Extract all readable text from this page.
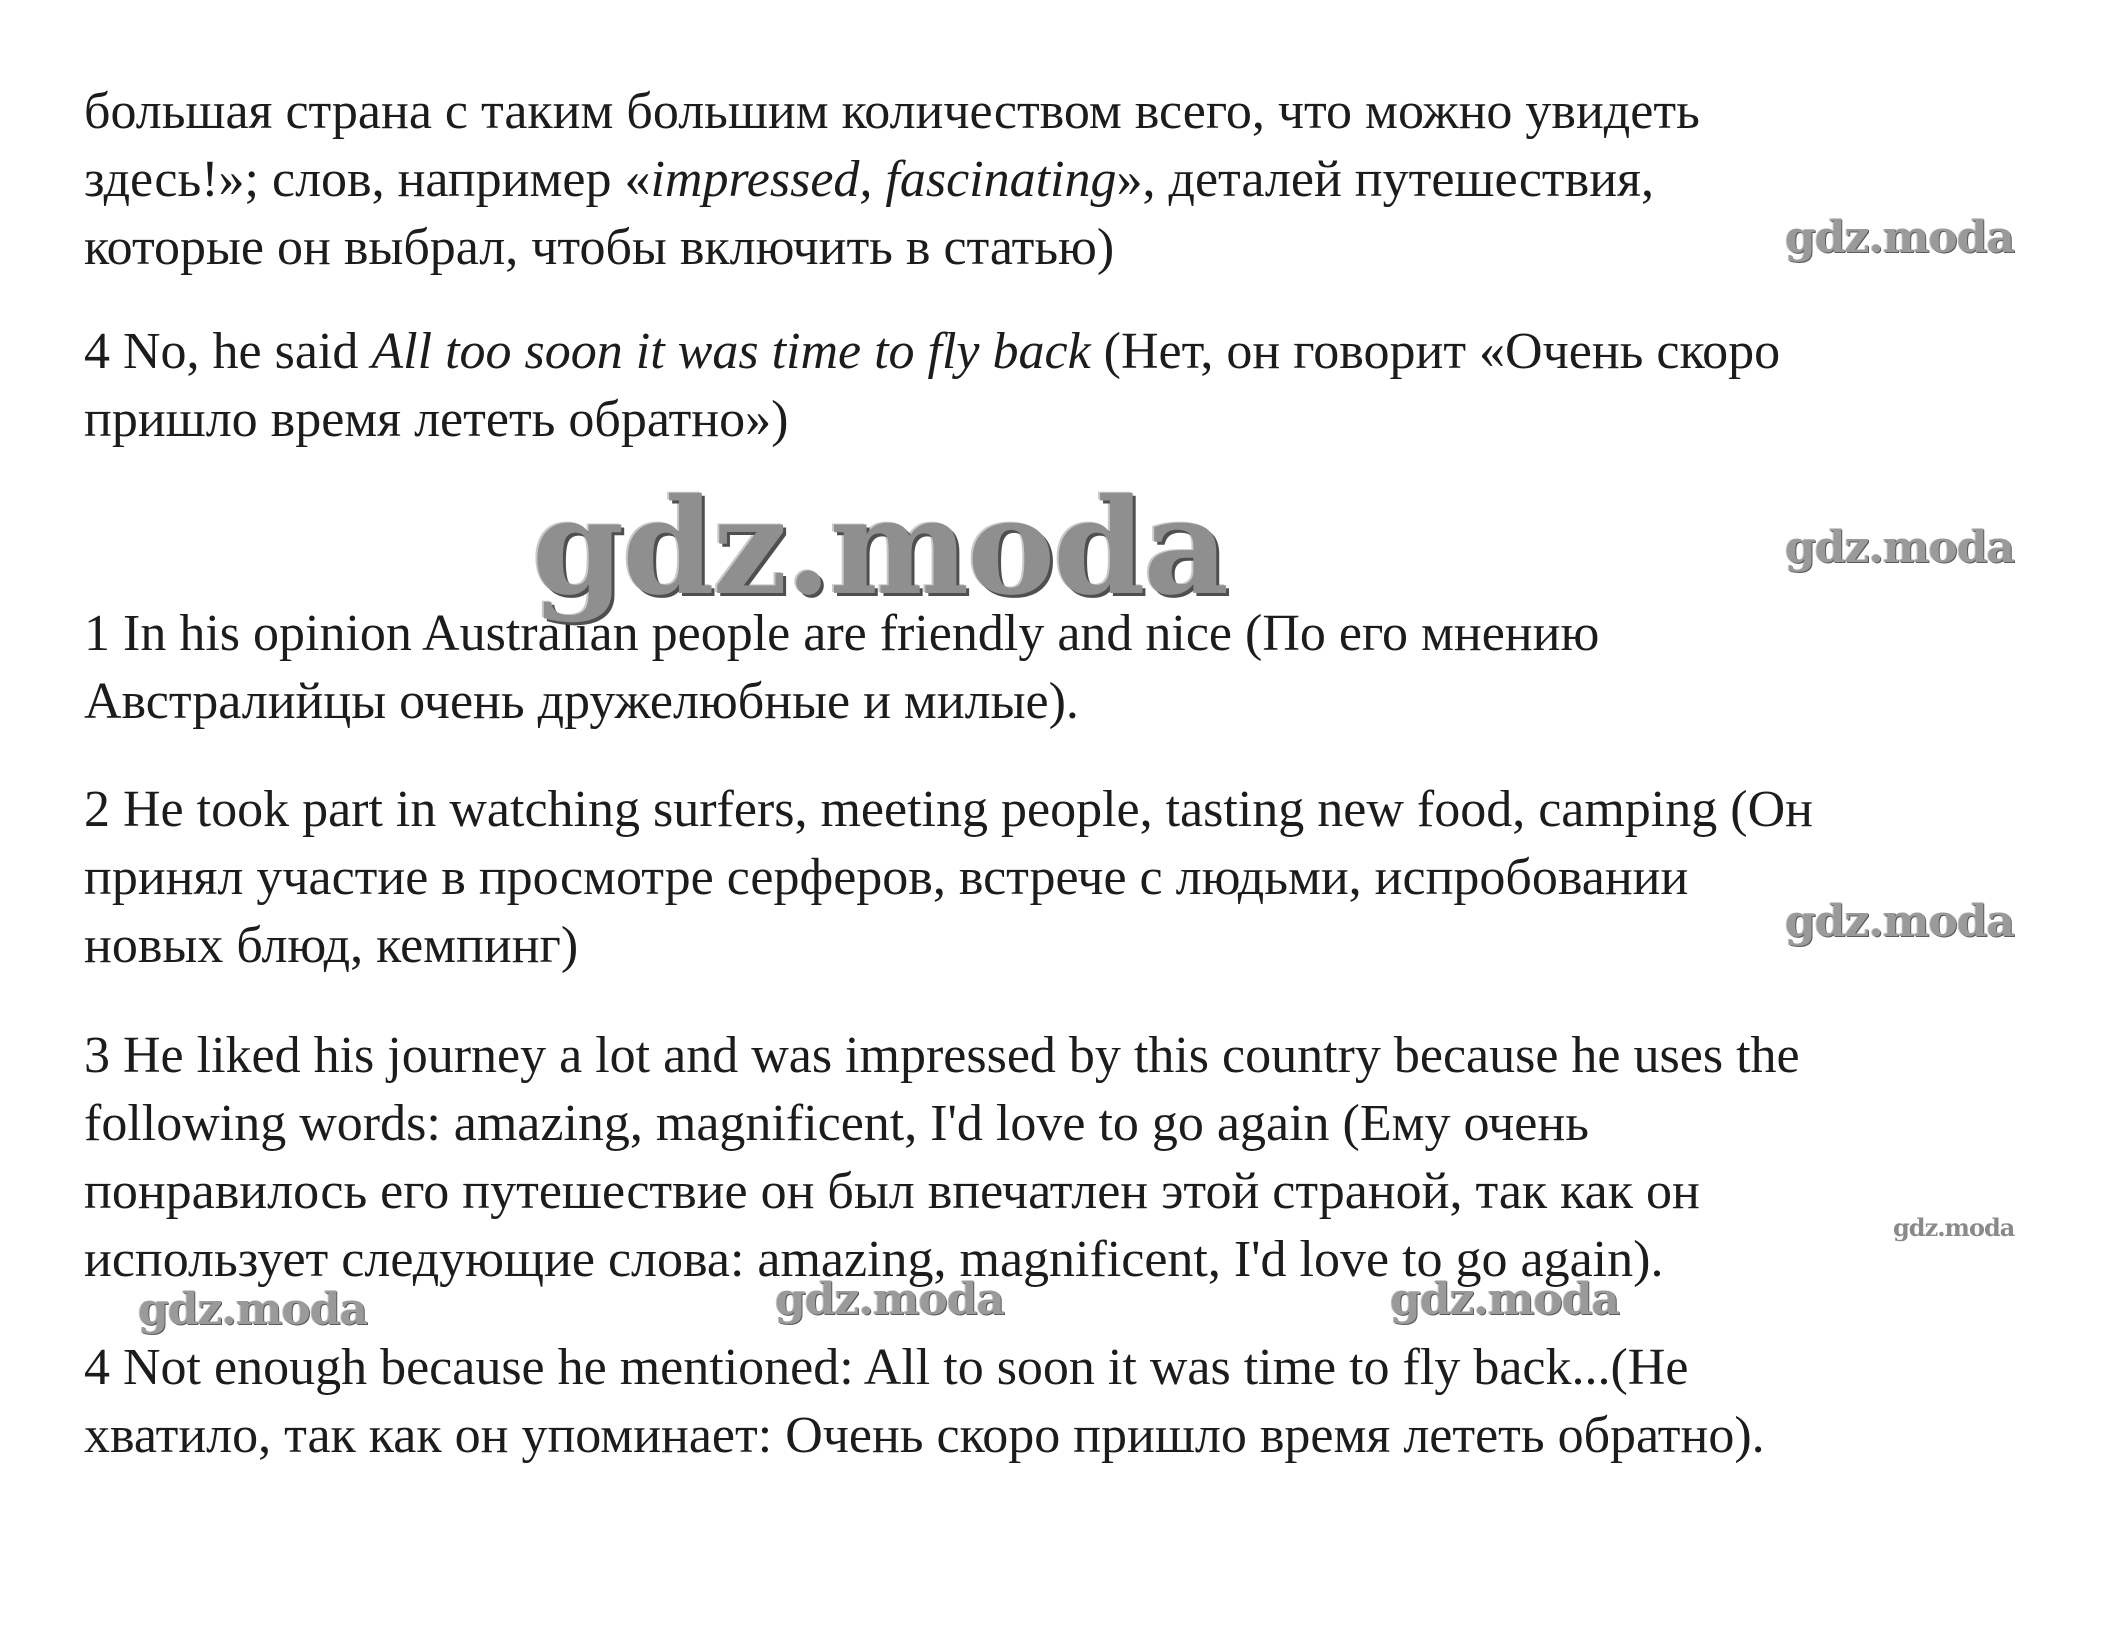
большая страна с таким большим количеством всего, что можно увидеть
здесь!»; слов, например «impressed, fascinating», деталей путешествия,
которые он выбрал, чтобы включить в статью)

4 No, he said All too soon it was time to fly back (Нет, он говорит «Очень скоро
пришло время лететь обратно»)

1 In his opinion Australian people are friendly and nice (По его мнению
Австралийцы очень дружелюбные и милые).

2 He took part in watching surfers, meeting people, tasting new food, camping (Он
принял участие в просмотре серферов, встрече с людьми, испробовании
новых блюд, кемпинг)

3 He liked his journey a lot and was impressed by this country because he uses the
following words: amazing, magnificent, I'd love to go again (Ему очень
понравилось его путешествие он был впечатлен этой страной, так как он
использует следующие слова: amazing, magnificent, I'd love to go again).

4 Not enough because he mentioned: All to soon it was time to fly back...(Не
хватило, так как он упоминает: Очень скоро пришло время лететь обратно).

gdz.moda
gdz.moda	gdz.moda
gdz.moda
gdz.moda
gdz.moda	gdz.moda	gdz.moda
